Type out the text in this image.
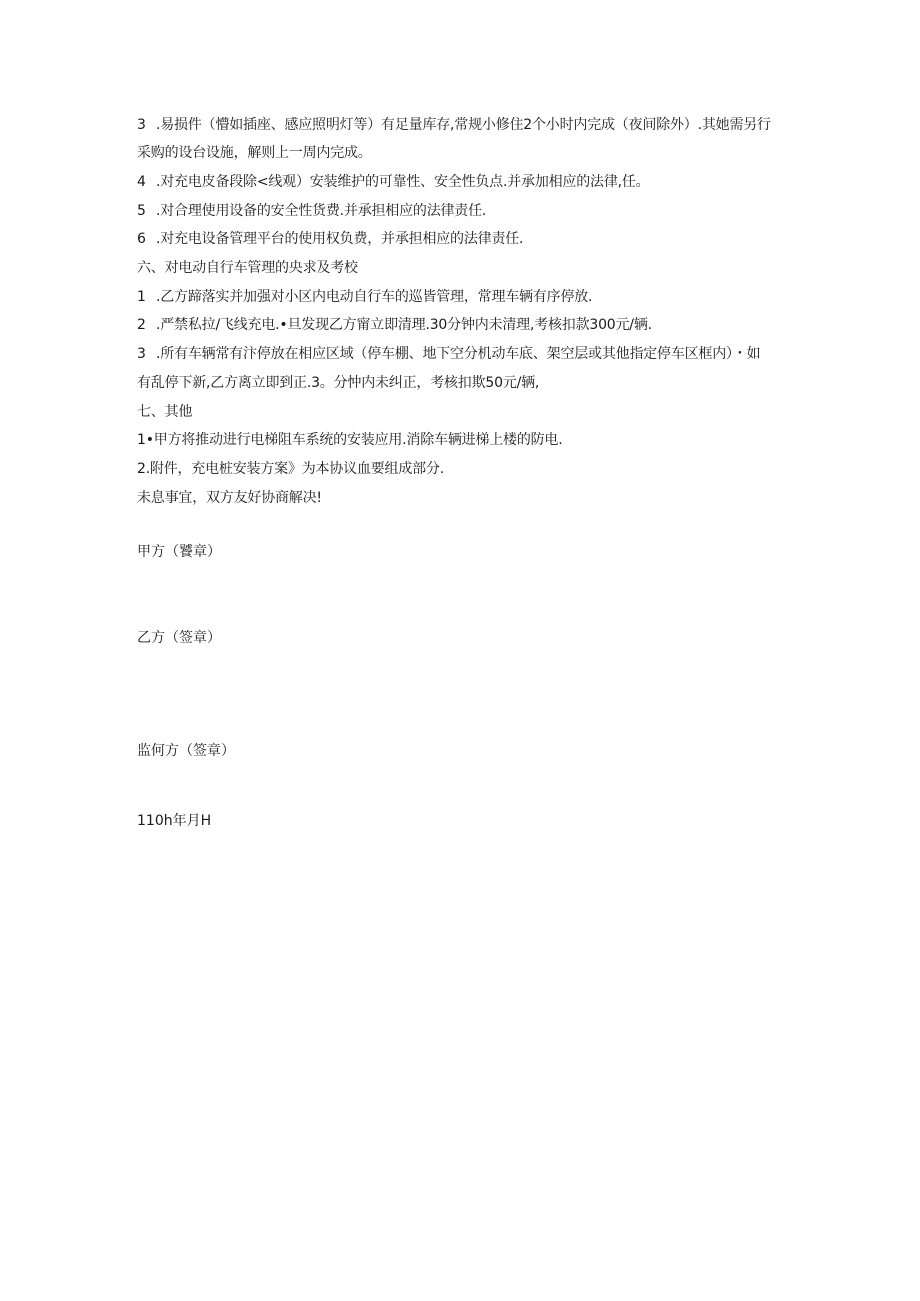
3 .易损件（懵如插座、感应照明灯等）有足量库存,常规小修住2个小时内完成（夜间除外）.其她需另行
采购的设台设施，解则上一周内完成。
4 .对充电皮备段除<线观）安装维护的可靠性、安全性负点.并承加相应的法律,任。
5 .对合理使用设备的安全性货费.并承担相应的法律责任.
6 .对充电设备管理平台的使用权负费，并承担相应的法律责任.
六、对电动自行车管理的央求及考校
1 .乙方蹄落实并加强对小区内电动自行车的巡皆管理，常理车辆有序停放.
2 .严禁私拉/飞线充电.•旦发现乙方甯立即清理.30分钟内未清理,考核扣款300元/辆.
3 .所有车辆常有汴停放在相应区域（停车棚、地下空分机动车底、架空层或其他指定停车区框内）・如
有乱停下新,乙方离立即到正.3。分忡内未纠正，考核扣欺50元/辆,
七、其他
1•甲方将推动进行电梯阻车系统的安装应用.消除车辆进梯上楼的防电.
2.附件，充电桩安装方案》为本协议血要组成部分.
未息事宜，双方友好协商解决!
甲方（饕章）
乙方（签章）
监何方（签章）
110h年月H
